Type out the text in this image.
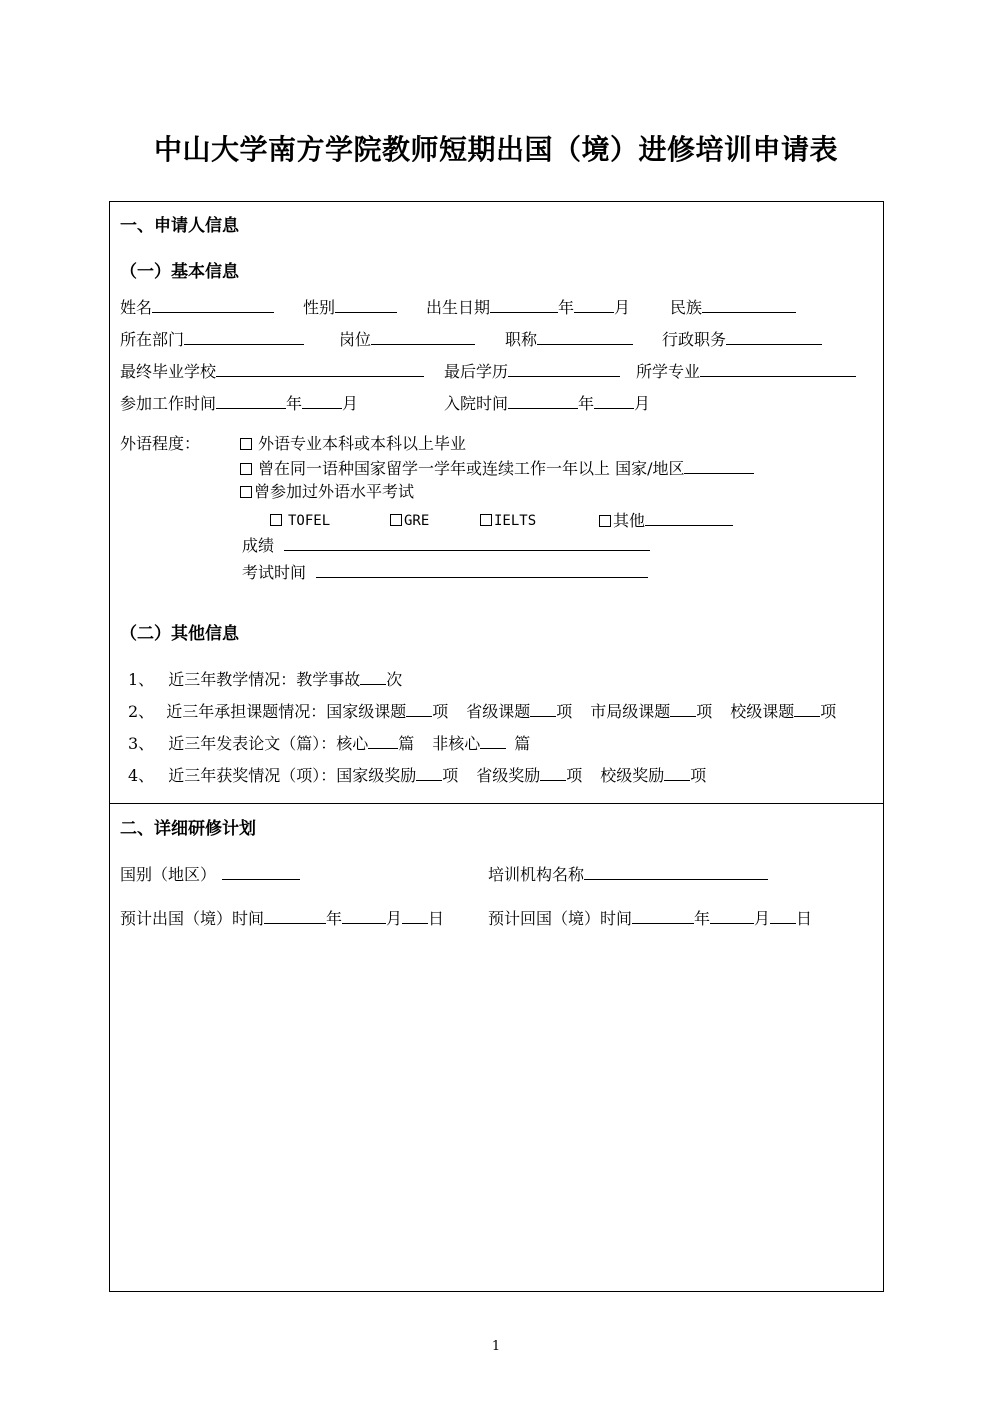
中山大学南方学院教师短期出国（境）进修培训申请表
一、申请人信息
（一）基本信息
姓名	性别	出生日期	年	月 民族
所在部门	岗位	职称	行政职务
最终毕业学校	最后学历	所学专业
参加工作时间	年	月	入院时间	年	月
外语程度：	外语专业本科或本科以上毕业
曾在同一语种国家留学一学年或连续工作一年以上 国家/地区
曾参加过外语水平考试
TOFEL	GRE	IELTS	其他
成绩
考试时间
（二）其他信息
1、 近三年教学情况：教学事故 次
2、 近三年承担课题情况：国家级课题 项 省级课题 项 市局级课题 项 校级课题 项
3、 近三年发表论文（篇）：核心 篇 非核心 篇
4、 近三年获奖情况（项）：国家级奖励 项 省级奖励 项 校级奖励 项
二、详细研修计划
国别（地区）	培训机构名称
预计出国（境）时间	年	月 日	预计回国（境）时间	年	月 日
1
